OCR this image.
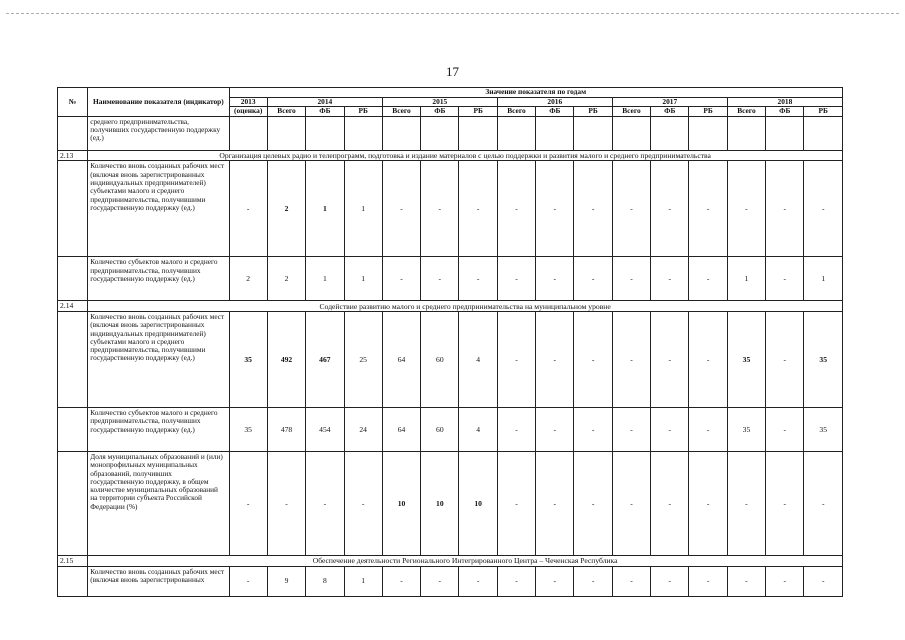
17
№	Наименование показателя (индикатор)	Значение показателя по годам															
		2013	2014			2015			2016			2017			2018		
		(оценка)	Всего	ФБ	РБ	Всего	ФБ	РБ	Всего	ФБ	РБ	Всего	ФБ	РБ	Всего	ФБ	РБ
	среднего предпринимательства, получивших государственную поддержку (ед.)																
2.13	Организация целевых радио и телепрограмм, подготовка и издание материалов с целью поддержки и развития малого и среднего предпринимательства																
	Количество вновь созданных рабочих мест (включая вновь зарегистрированных индивидуальных предпринимателей) субъектами малого и среднего предпринимательства, получившими государственную поддержку (ед.)	-	2	1	1	-	-	-	-	-	-	-	-	-	-	-	-
	Количество субъектов малого и среднего предпринимательства, получивших государственную поддержку (ед.)	2	2	1	1	-	-	-	-	-	-	-	-	-	1	-	1
2.14	Содействие развитию малого и среднего предпринимательства на муниципальном уровне																
	Количество вновь созданных рабочих мест (включая вновь зарегистрированных индивидуальных предпринимателей) субъектами малого и среднего предпринимательства, получившими государственную поддержку (ед.)	35	492	467	25	64	60	4	-	-	-	-	-	-	35	-	35
	Количество субъектов малого и среднего предпринимательства, получивших государственную поддержку (ед.)	35	478	454	24	64	60	4	-	-	-	-	-	-	35	-	35
	Доля муниципальных образований и (или) монопрофильных муниципальных образований, получивших государственную поддержку, в общем количестве муниципальных образований на территории субъекта Российской Федерации (%)	-	-	-	-	10	10	10	-	-	-	-	-	-	-	-	-
2.15	Обеспечение деятельности Регионального Интегрированного Центра – Чеченская Республика																
	Количество вновь созданных рабочих мест (включая вновь зарегистрированных	-	9	8	1	-	-	-	-	-	-	-	-	-	-	-	-
